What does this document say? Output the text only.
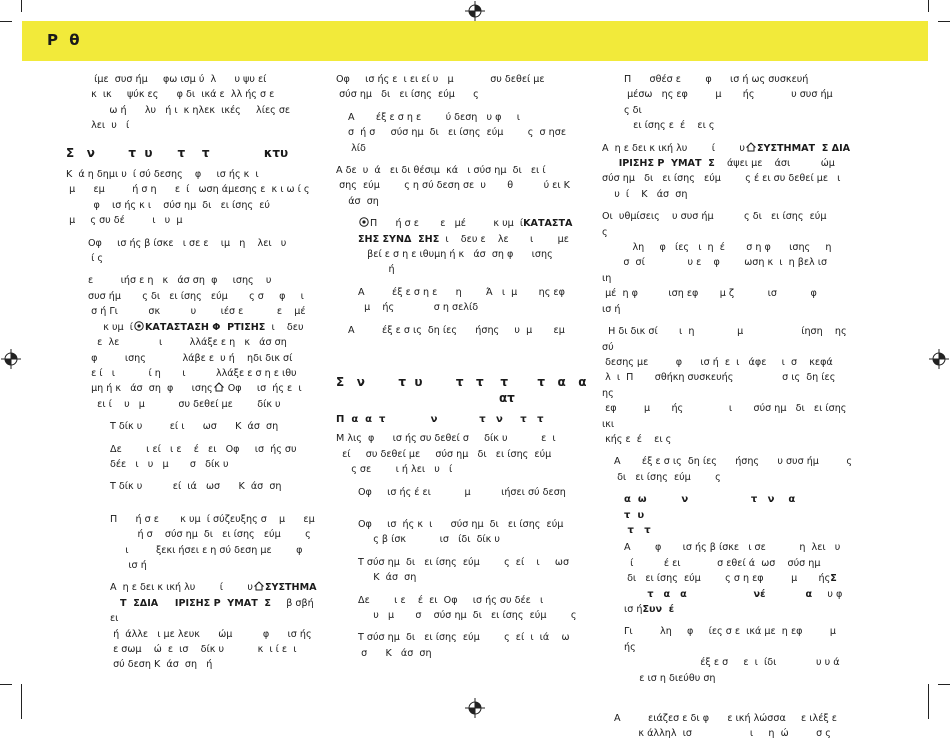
Ρ θ

ίμε  συσ ήμ     φω ισμ ύ  λ      υ ψυ εί
κ  ικ     ψύκ ες      φ δι  ικά ε  λλ ής σ ε
ω ή      λυ   ή ι  κ ηλεκ  ικές     λίες σε
λει  υ   ί

Σ   ν        τ  υ      τ    τ             κτυ

Κ  ά η δημι υ  ί σύ δεσης    φ     ισ ής κ  ι
μ      εμ         ή σ η      ε  ί   ωση άμεσης ε  κ ι ω ί ς
φ    ισ ής κ ι    σύσ ημ  δι   ει ίσης  εύ
μ     ς συ δέ         ι   υ  μ

Οφ     ισ ής β ίσκε   ι σε ε    ιμ   η    λει   υ
ί ς

ε         ιήσ ε η   κ   άσ ση  φ     ισης    υ
συσ ήμ       ς δι   ει ίσης   εύμ       ς σ     φ     ι
σ ή Γι          σκ          υ        ιέσ ε           ε    μέ
κ υμ  ί ΚΑΤΑΣΤΑΣΗ Φ  ΡΤΙΣΗΣ  ι    δευ
ε  λε             ι         λλάξε ε η   κ   άσ ση
φ         ισης            λάβε ε  υ ή    ηδι δικ σί
ε ί   ι           ί η       ι          λλάξε ε σ η ε ιθυ
μη ή κ   άσ  ση  φ      ισης Οφ     ισ  ής ε  ι
ει ί    υ   μ           συ δεθεί με        δίκ υ

Τ δίκ υ         εί ι      ωσ      Κ  άσ  ση

Δε        ι εί   ι ε    έ   ει   Οφ     ισ  ής συ
δέε   ι   υ   μ       σ   δίκ υ

Τ δίκ υ          εί  ιά   ωσ      Κ  άσ  ση

Π      ή σ ε       κ υμ  ί σύζευξης σ    μ      εμ
ή σ    σύσ ημ  δι   ει ίσης   εύμ        ς
ι         ξεκι ήσει ε η σύ δεση με        φ
ισ ή

Α  η ε δει κ ική λυ        ί        υ ΣΥΣΤΗΜΑ
Τ  ΣΔΙΑ     ΙΡΙΣΗΣ Ρ  ΥΜΑΤ  Σ     β σβή ει
ή  άλλε   ι με λευκ      ώμ          φ      ισ ής
ε σωμ    ώ  ε  ισ    δίκ υ           κ  ι ί ε  ι
σύ δεση Κ  άσ  ση   ή

Οφ     ισ ής ε  ι ει εί υ   μ            συ δεθεί με
σύσ ημ   δι   ει ίσης  εύμ      ς

Α       έξ ε σ η ε        ύ δεση   υ φ     ι
σ  ή σ     σύσ ημ  δι   ει ίσης  εύμ        ς  σ ησε
λίδ

Α δε  υ  ά   ει δι θέσιμ  κά   ι σύσ ημ  δι   ει ί
σης  εύμ        ς η σύ δεση σε  υ       θ          ύ ει Κ
άσ  ση

Π      ή σ ε       ε   μέ         κ υμ  ίΚΑΤΑΣΤΑ
ΣΗΣ ΣΥΝΔ  ΣΗΣ  ι    δευ ε    λε       ι        με
βεί ε σ η ε ιθυμη ή κ   άσ  ση φ      ισης
ή

Α         έξ ε σ η ε      η        Ά   ι  μ       ης εφ
μ    ής             σ η σελίδ

Α         έξ ε σ ις  δη ίες      ήσης     υ  μ       εμ

Σ   ν        τ  υ        τ   τ    τ       τ   α   α
ατ
Π  α  α  τ             ν            τ   ν     τ   τ

Μ λις  φ      ισ ής συ δεθεί σ     δίκ υ           ε  ι
εί     συ δεθεί με     σύσ ημ   δι   ει ίσης  εύμ
ς σε        ι ή λει   υ   ί

Οφ     ισ ής έ ει           μ          ιήσει σύ δεση

Οφ     ισ  ής κ  ι      σύσ ημ  δι   ει ίσης  εύμ
ς β ίσκ           ισ   ίδι  δίκ υ

Τ σύσ ημ  δι   ει ίσης  εύμ        ς  εί    ι     ωσ
Κ  άσ  ση

Δε        ι ε    έ  ει  Οφ     ισ ής συ δέε   ι
υ   μ       σ    σύσ ημ  δι   ει ίσης  εύμ        ς

Τ σύσ ημ  δι   ει ίσης  εύμ        ς  εί  ι  ιά    ω
σ      Κ   άσ  ση

Π      σθέσ ε        φ      ισ ή ως συσκευή
μέσω   ης εφ         μ       ής            υ συσ ήμ         ς δι
ει ίσης ε  έ    ει ς

Α  η ε δει κ ική λυ        ί        υ ΣΥΣΤΗΜΑΤ  Σ ΔΙΑ
ΙΡΙΣΗΣ Ρ  ΥΜΑΤ  Σ    άψει με    άσι          ώμ
σύσ ημ   δι   ει ίσης   εύμ        ς έ ει συ δεθεί με   ι
υ  ί    Κ   άσ  ση

Οι  υθμίσεις    υ συσ ήμ          ς δι   ει ίσης  εύμ        ς
λη     φ   ίες   ι  η  έ       σ η φ      ισης     η
σ  σί              υ ε    φ        ωση κ  ι  η βελ ισ          ιη
μέ  η φ          ιση εφ       μ ζ           ισ           φ         ισ ή

Η δι δικ σί       ι  η              μ                   ίηση    ης σύ
δεσης με         φ      ισ ή  ε  ι   άφε     ι  σ    κεφά
λ  ι  Π       σθήκη συσκευής                σ ις  δη ίες  ης
εφ         μ       ής               ι       σύσ ημ   δι   ει ίσης  ικι
κής ε  έ    ει ς

Α       έξ ε σ ις  δη ίες      ήσης      υ συσ ήμ         ς
δι   ει ίσης  εύμ        ς

α  ω          ν                  τ   ν    α                         τ  υ
τ   τ

Α        φ       ισ ής β ίσκε   ι σε           η  λει   υ
ί          έ ει            σ εθεί ά  ωσ    σύσ ημ
δι   ει ίσης  εύμ        ς σ η εφ         μ       ήςΣ
τ   α   α                    νέ            α     υ φ      ισ ήΣυν  έ

Γι         λη     φ     ίες σ ε  ικά με  η εφ         μ       ής
έξ ε σ     ε  ι  ίδι             υ υ ά
ε ισ η διεύθυ ση

Α         ειάζεσ ε δι φ      ε ική λώσσα     ε ιλέξ ε
κ άλληλ  ισ                   ι     η  ώ         σ ς
